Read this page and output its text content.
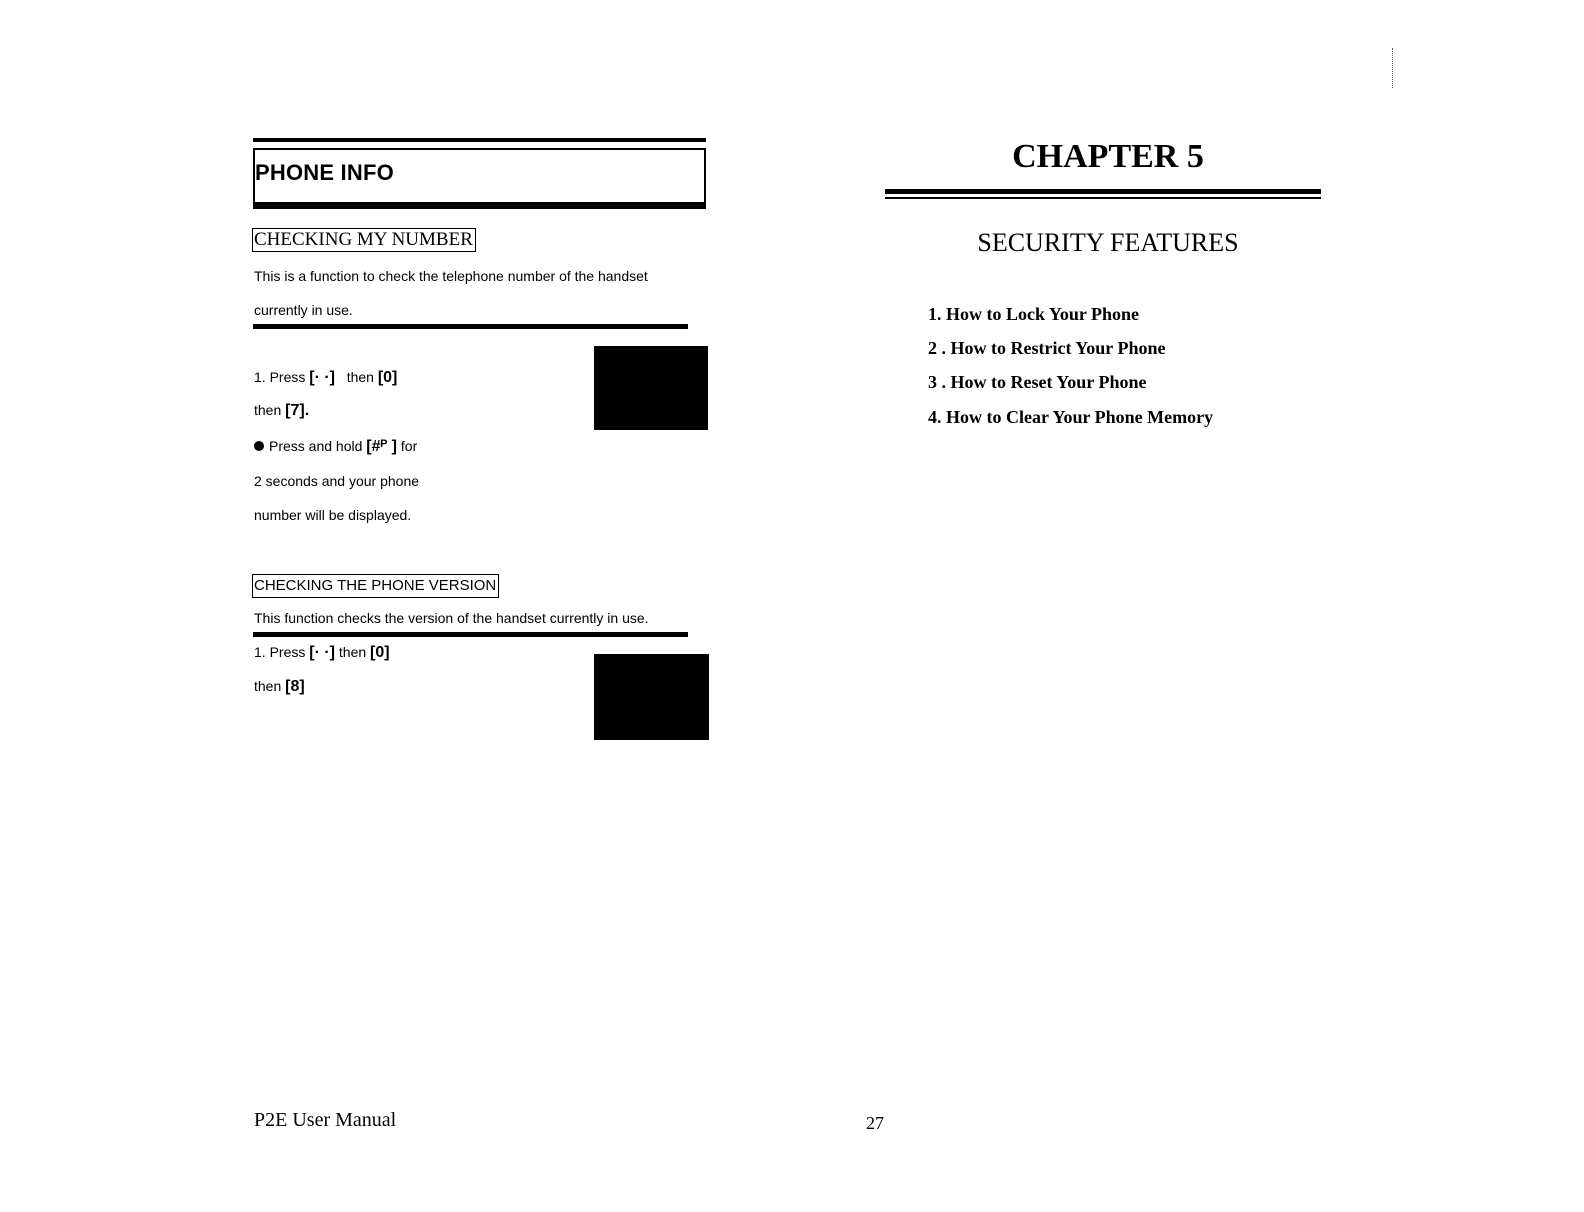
PHONE INFO
CHECKING MY NUMBER
This is a function to check the telephone number of the handset
currently in use.
1. Press [· ·] then [0]
then [7].
Press and hold [#ᴾ ] for
2 seconds and your phone
number will be displayed.
CHECKING THE PHONE VERSION
This function checks the version of the handset currently in use.
1. Press [· ·] then [0]
then [8]
CHAPTER 5
SECURITY FEATURES
1. How to Lock Your Phone
2 . How to Restrict Your Phone
3 . How to Reset Your Phone
4. How to Clear Your Phone Memory
P2E User Manual	27
